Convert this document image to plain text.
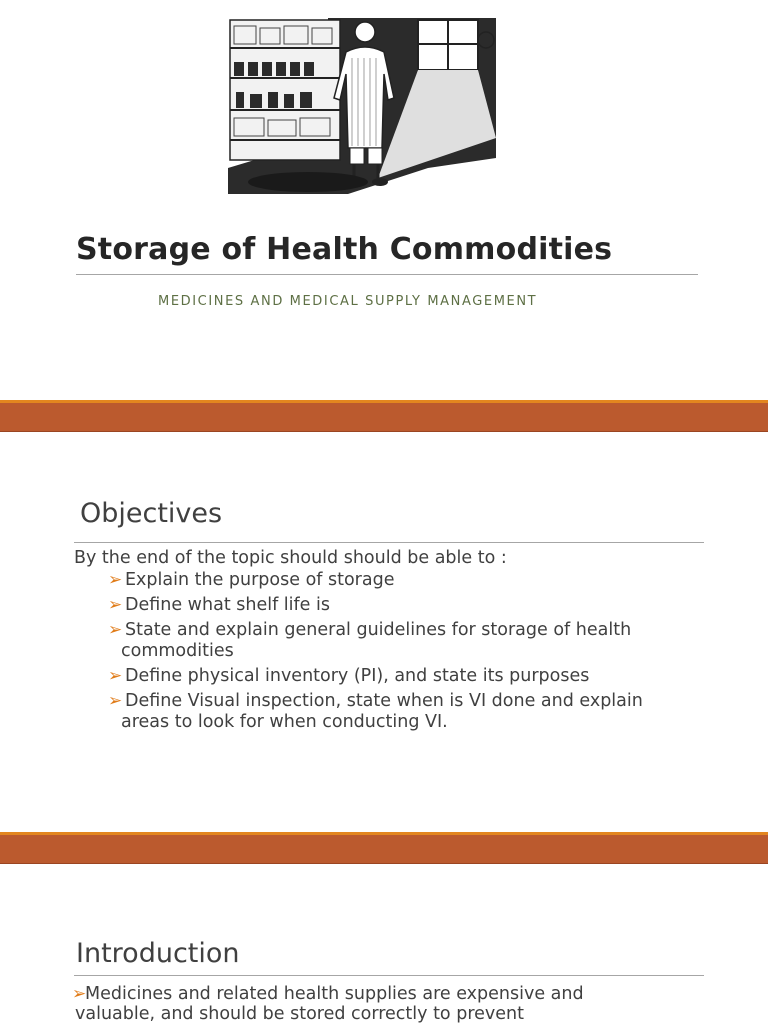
Storage of Health Commodities
MEDICINES AND MEDICAL SUPPLY MANAGEMENT
Objectives
By the end of the topic should should be able to :
➢ Explain the purpose of storage
➢ Define what shelf life is
➢ State and explain general guidelines for storage of health
commodities
➢ Define physical inventory (PI), and state its purposes
➢ Define Visual inspection, state when is VI done and explain
areas to look for when conducting VI.
Introduction
➢
Medicines and related health supplies are expensive and
valuable, and should be stored correctly to prevent
